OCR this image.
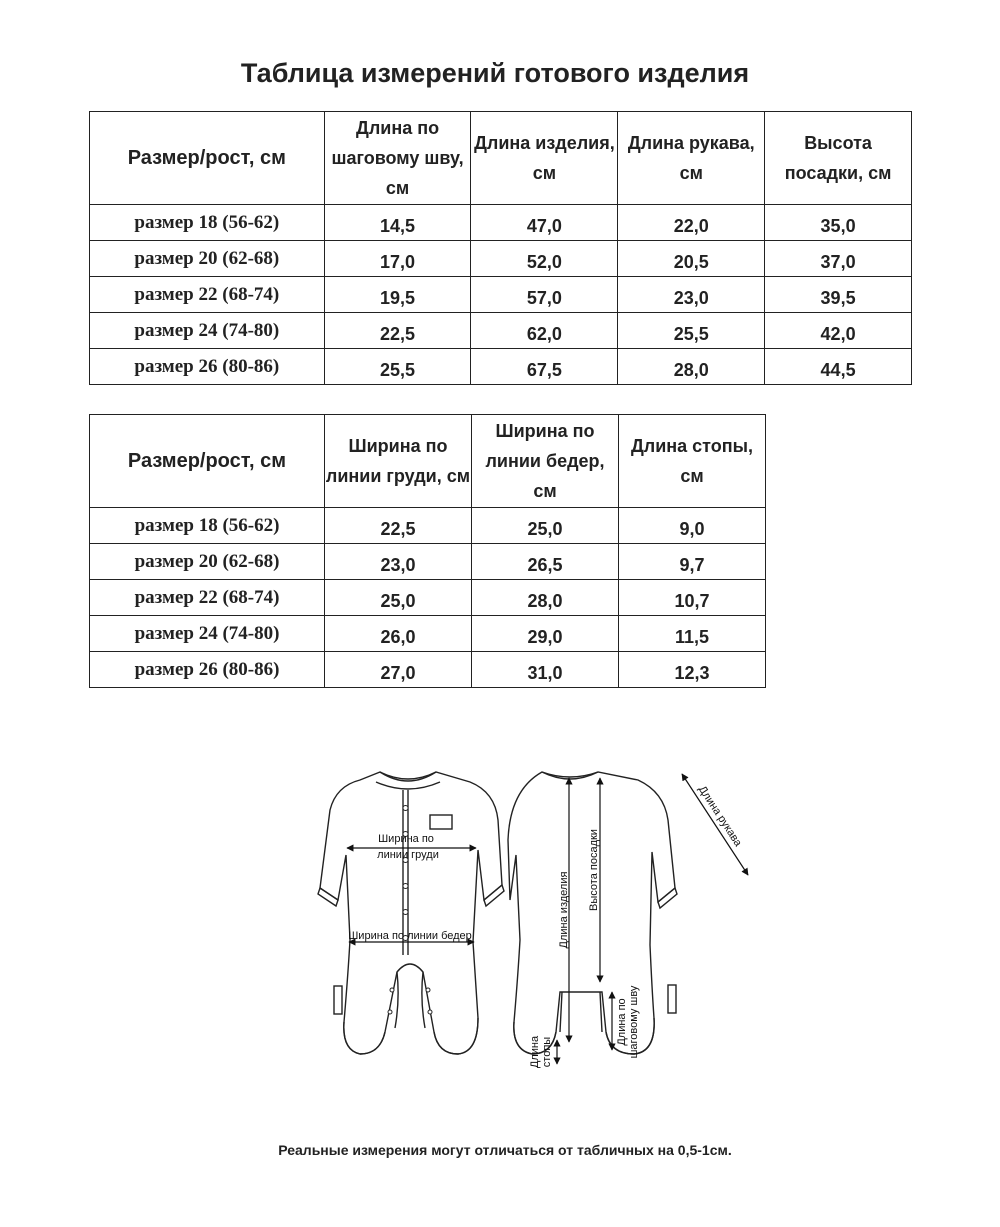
Таблица измерений готового изделия
Размер/рост, см	Длина по шаговому шву, см	Длина изделия, см	Длина рукава, см	Высота посадки, см
размер 18 (56-62)	14,5	47,0	22,0	35,0
размер 20 (62-68)	17,0	52,0	20,5	37,0
размер 22 (68-74)	19,5	57,0	23,0	39,5
размер 24 (74-80)	22,5	62,0	25,5	42,0
размер 26 (80-86)	25,5	67,5	28,0	44,5
Размер/рост, см	Ширина по линии груди, см	Ширина по линии бедер, см	Длина стопы, см
размер 18 (56-62)	22,5	25,0	9,0
размер 20 (62-68)	23,0	26,5	9,7
размер 22 (68-74)	25,0	28,0	10,7
размер 24 (74-80)	26,0	29,0	11,5
размер 26 (80-86)	27,0	31,0	12,3
Ширина по
линии груди
Ширина по линии бедер	Длина изделия Высота посадки
Длина рукава
Длина по шаговому шву
Длина стопы
Реальные измерения могут отличаться от табличных на 0,5-1см.
